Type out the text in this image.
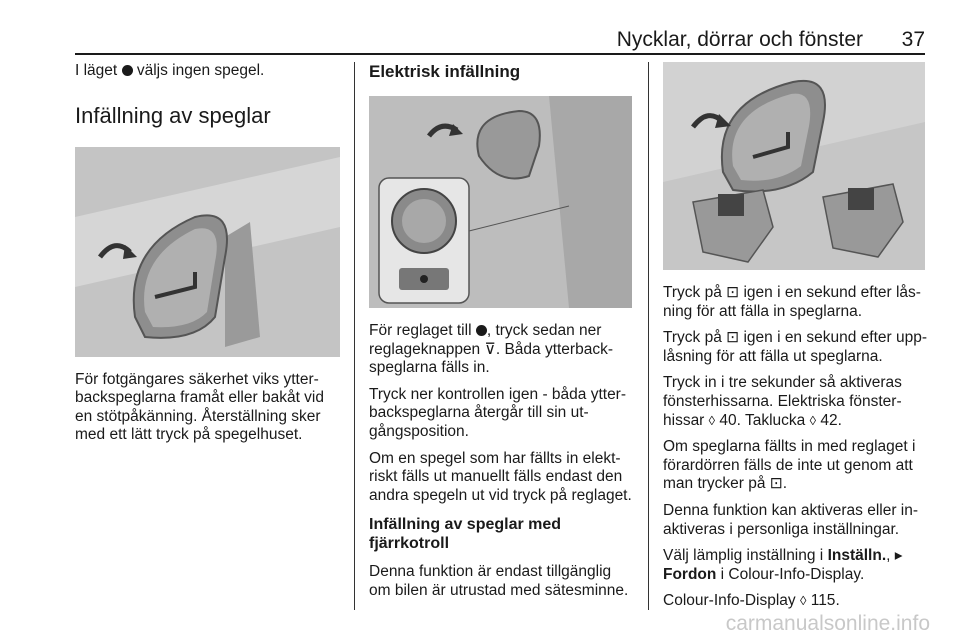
Nycklar, dörrar och fönster 37

I läget  väljs ingen spegel.

Infällning av speglar

För fotgängares säkerhet viks ytterbackspeglarna framåt eller bakåt vid en stötpåkänning. Återställning sker med ett lätt tryck på spegelhuset.

Elektrisk infällning

För reglaget till , tryck sedan ner reglageknappen ⊽. Båda ytterbackspeglarna fälls in.

Tryck ner kontrollen igen - båda ytterbackspeglarna återgår till sin utgångsposition.

Om en spegel som har fällts in elektriskt fälls ut manuellt fälls endast den andra spegeln ut vid tryck på reglaget.

Infällning av speglar med fjärrkotroll

Denna funktion är endast tillgänglig om bilen är utrustad med sätesminne.

Tryck på ⊡ igen i en sekund efter låsning för att fälla in speglarna.

Tryck på ⊡ igen i en sekund efter upplåsning för att fälla ut speglarna.

Tryck in i tre sekunder så aktiveras fönsterhissarna. Elektriska fönsterhissar ◊ 40. Taklucka ◊ 42.

Om speglarna fällts in med reglaget i förardörren fälls de inte ut genom att man trycker på ⊡.

Denna funktion kan aktiveras eller inaktiveras i personliga inställningar.

Välj lämplig inställning i Inställn., ▸ Fordon i Colour-Info-Display.

Colour-Info-Display ◊ 115.

carmanualsonline.info
